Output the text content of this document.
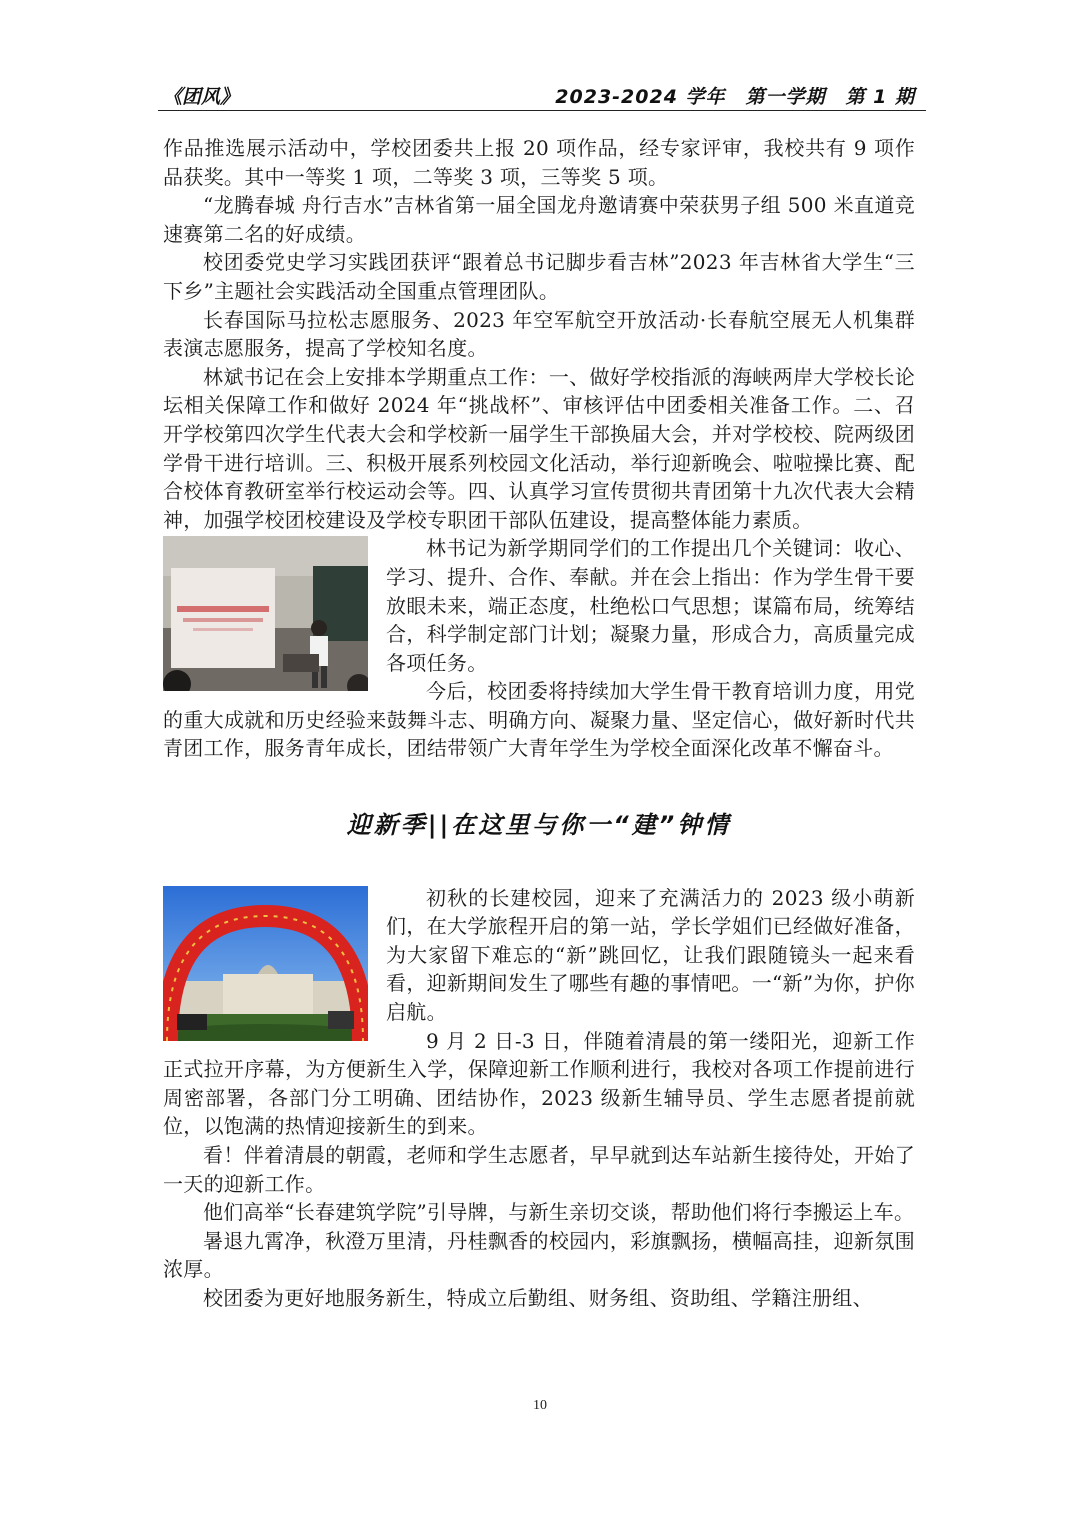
《团风》	2023-2024 学年　第一学期　第 1 期

作品推选展示活动中，学校团委共上报 20 项作品，经专家评审，我校共有 9 项作品获奖。其中一等奖 1 项，二等奖 3 项，三等奖 5 项。

“龙腾春城 舟行吉水”吉林省第一届全国龙舟邀请赛中荣获男子组 500 米直道竞速赛第二名的好成绩。

校团委党史学习实践团获评“跟着总书记脚步看吉林”2023 年吉林省大学生“三下乡”主题社会实践活动全国重点管理团队。

长春国际马拉松志愿服务、2023 年空军航空开放活动·长春航空展无人机集群表演志愿服务，提高了学校知名度。

林斌书记在会上安排本学期重点工作：一、做好学校指派的海峡两岸大学校长论坛相关保障工作和做好 2024 年“挑战杯”、审核评估中团委相关准备工作。二、召开学校第四次学生代表大会和学校新一届学生干部换届大会，并对学校校、院两级团学骨干进行培训。三、积极开展系列校园文化活动，举行迎新晚会、啦啦操比赛、配合校体育教研室举行校运动会等。四、认真学习宣传贯彻共青团第十九次代表大会精神，加强学校团校建设及学校专职团干部队伍建设，提高整体能力素质。

林书记为新学期同学们的工作提出几个关键词：收心、学习、提升、合作、奉献。并在会上指出：作为学生骨干要放眼未来，端正态度，杜绝松口气思想；谋篇布局，统筹结合，科学制定部门计划；凝聚力量，形成合力，高质量完成各项任务。

今后，校团委将持续加大学生骨干教育培训力度，用党的重大成就和历史经验来鼓舞斗志、明确方向、凝聚力量、坚定信心，做好新时代共青团工作，服务青年成长，团结带领广大青年学生为学校全面深化改革不懈奋斗。

迎新季||在这里与你一“建”钟情

初秋的长建校园，迎来了充满活力的 2023 级小萌新们，在大学旅程开启的第一站，学长学姐们已经做好准备，为大家留下难忘的“新”跳回忆，让我们跟随镜头一起来看看，迎新期间发生了哪些有趣的事情吧。一“新”为你，护你启航。

9 月 2 日-3 日，伴随着清晨的第一缕阳光，迎新工作正式拉开序幕，为方便新生入学，保障迎新工作顺利进行，我校对各项工作提前进行周密部署，各部门分工明确、团结协作，2023 级新生辅导员、学生志愿者提前就位，以饱满的热情迎接新生的到来。

看！伴着清晨的朝霞，老师和学生志愿者，早早就到达车站新生接待处，开始了一天的迎新工作。

他们高举“长春建筑学院”引导牌，与新生亲切交谈，帮助他们将行李搬运上车。

暑退九霄净，秋澄万里清，丹桂飘香的校园内，彩旗飘扬，横幅高挂，迎新氛围浓厚。

校团委为更好地服务新生，特成立后勤组、财务组、资助组、学籍注册组、

10
